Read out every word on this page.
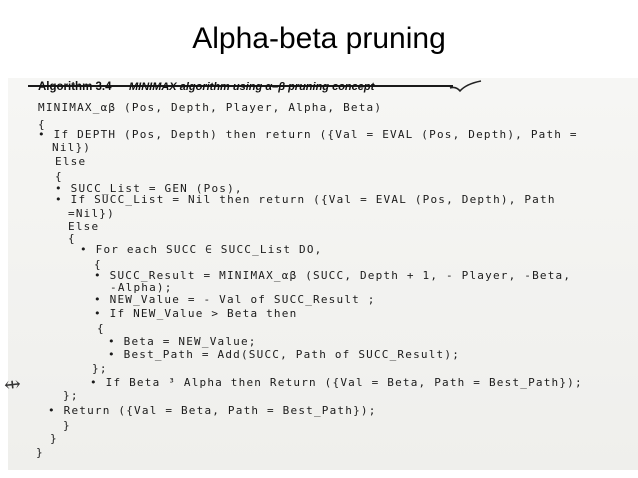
Alpha-beta pruning
Algorithm 3.4 MINIMAX algorithm using α–β pruning concept

MINIMAX_αβ (Pos, Depth, Player, Alpha, Beta)

{

• If DEPTH (Pos, Depth) then return ({Val = EVAL (Pos, Depth), Path =

Nil})

Else

{

• SUCC_List = GEN (Pos),

• If SUCC_List = Nil then return ({Val = EVAL (Pos, Depth), Path

=Nil})

Else

{

• For each SUCC ∈ SUCC_List DO,

{

• SUCC_Result = MINIMAX_αβ (SUCC, Depth + 1, - Player, -Beta,

-Alpha);

• NEW_Value = - Val of SUCC_Result ;

• If NEW_Value > Beta then

{

• Beta = NEW_Value;

• Best_Path = Add(SUCC, Path of SUCC_Result);

};

• If Beta ³ Alpha then Return ({Val = Beta, Path = Best_Path});

};

• Return ({Val = Beta, Path = Best_Path});

}

}

}

⇹
